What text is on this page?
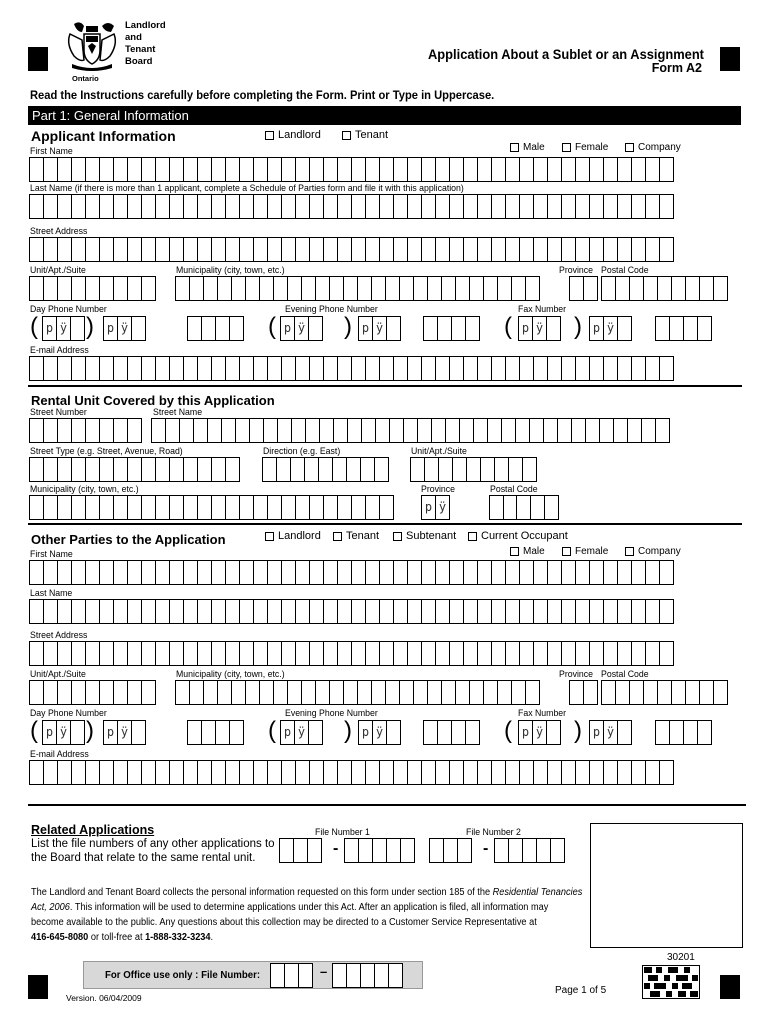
Landlord
and
Tenant
Board
Ontario
Application About a Sublet or an Assignment
Form A2
Read the Instructions carefully before completing the Form. Print or Type in Uppercase.
Part 1: General Information
Applicant Information	Landlord	Tenant
Male	Female	Company
First Name
Last Name (if there is more than 1 applicant, complete a Schedule of Parties form and file it with this application)
Street Address
Unit/Apt./Suite	Municipality (city, town, etc.)	Province Postal Code
Day Phone Number	Evening Phone Number	Fax Number
( p ÿ )	p ÿ	( p ÿ ) p ÿ	( p ÿ ) p ÿ
E-mail Address
Rental Unit Covered by this Application
Street Number	Street Name
Street Type (e.g. Street, Avenue, Road)	Direction (e.g. East)	Unit/Apt./Suite
Municipality (city, town, etc.)	Province	Postal Code
p ÿ
Other Parties to the Application	Landlord Tenant Subtenant Current Occupant
Male	Female	Company
First Name
Last Name
Street Address
Unit/Apt./Suite	Municipality (city, town, etc.)	Province Postal Code
Day Phone Number	Evening Phone Number	Fax Number
( p ÿ )	p ÿ	( p ÿ ) p ÿ	( p ÿ ) p ÿ
E-mail Address
Related Applications
List the file numbers of any other applications to
the Board that relate to the same rental unit.
File Number 1	File Number 2
-	-
The Landlord and Tenant Board collects the personal information requested on this form under section 185 of the Residential Tenancies
Act, 2006. This information will be used to determine applications under this Act. After an application is filed, all information may
become available to the public. Any questions about this collection may be directed to a Customer Service Representative at
416-645-8080 or toll-free at 1-888-332-3234.
30201
For Office use only : File Number:	–
Version. 06/04/2009
Page 1 of 5
